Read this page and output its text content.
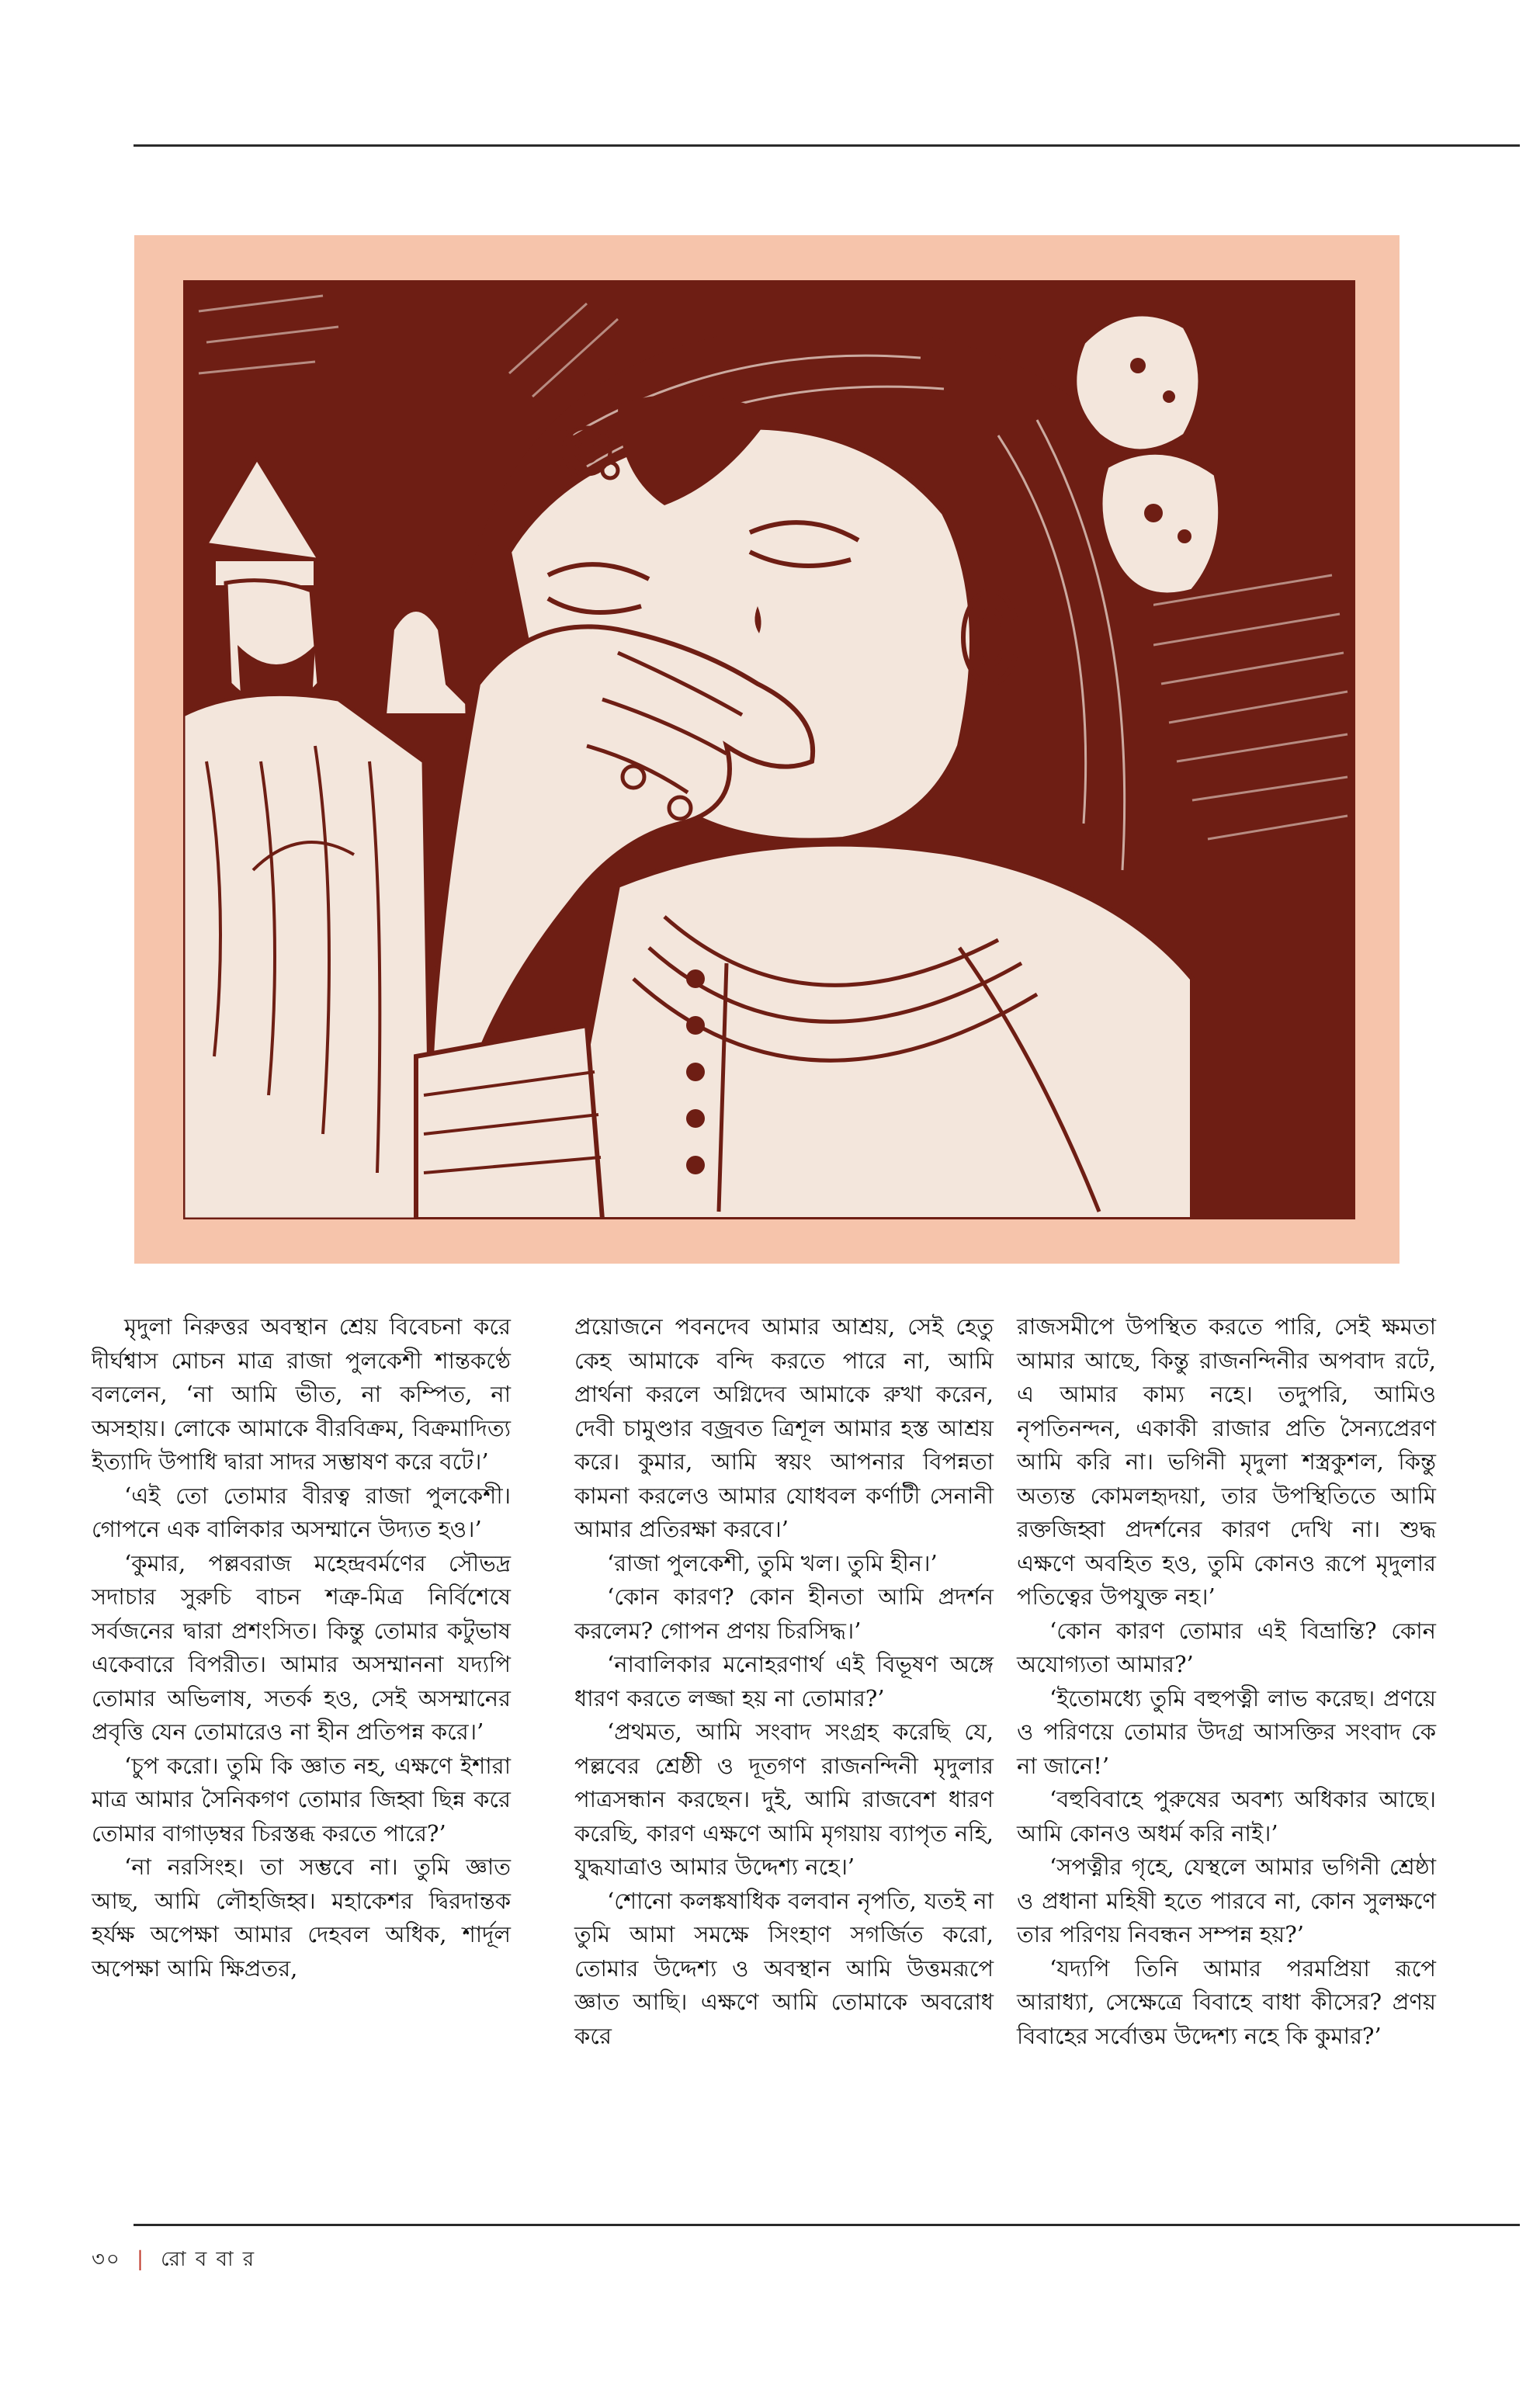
মৃদুলা নিরুত্তর অবস্থান শ্রেয় বিবেচনা করে দীর্ঘশ্বাস মোচন মাত্র রাজা পুলকেশী শান্তকণ্ঠে বললেন, ‘না আমি ভীত, না কম্পিত, না অসহায়। লোকে আমাকে বীরবিক্রম, বিক্রমাদিত্য ইত্যাদি উপাধি দ্বারা সাদর সম্ভাষণ করে বটে।’

‘এই তো তোমার বীরত্ব রাজা পুলকেশী। গোপনে এক বালিকার অসম্মানে উদ্যত হও।’

‘কুমার, পল্লবরাজ মহেন্দ্রবর্মণের সৌভদ্র সদাচার সুরুচি বাচন শত্রু-মিত্র নির্বিশেষে সর্বজনের দ্বারা প্রশংসিত। কিন্তু তোমার কটুভাষ একেবারে বিপরীত। আমার অসম্মাননা যদ্যপি তোমার অভিলাষ, সতর্ক হও, সেই অসম্মানের প্রবৃত্তি যেন তোমারেও না হীন প্রতিপন্ন করে।’

‘চুপ করো। তুমি কি জ্ঞাত নহ, এক্ষণে ইশারা মাত্র আমার সৈনিকগণ তোমার জিহ্বা ছিন্ন করে তোমার বাগাড়ম্বর চিরস্তব্ধ করতে পারে?’

‘না নরসিংহ। তা সম্ভবে না। তুমি জ্ঞাত আছ, আমি লৌহজিহ্ব। মহাকেশর দ্বিরদান্তক হর্যক্ষ অপেক্ষা আমার দেহবল অধিক, শার্দূল অপেক্ষা আমি ক্ষিপ্রতর,

প্রয়োজনে পবনদেব আমার আশ্রয়, সেই হেতু কেহ আমাকে বন্দি করতে পারে না, আমি প্রার্থনা করলে অগ্নিদেব আমাকে রুখা করেন, দেবী চামুণ্ডার বজ্রবত ত্রিশূল আমার হস্ত আশ্রয় করে। কুমার, আমি স্বয়ং আপনার বিপন্নতা কামনা করলেও আমার যোধবল কর্ণাটী সেনানী আমার প্রতিরক্ষা করবে।’

‘রাজা পুলকেশী, তুমি খল। তুমি হীন।’

‘কোন কারণ? কোন হীনতা আমি প্রদর্শন করলেম? গোপন প্রণয় চিরসিদ্ধ।’

‘নাবালিকার মনোহরণার্থ এই বিভূষণ অঙ্গে ধারণ করতে লজ্জা হয় না তোমার?’

‘প্রথমত, আমি সংবাদ সংগ্রহ করেছি যে, পল্লবের শ্রেষ্ঠী ও দূতগণ রাজনন্দিনী মৃদুলার পাত্রসন্ধান করছেন। দুই, আমি রাজবেশ ধারণ করেছি, কারণ এক্ষণে আমি মৃগয়ায় ব্যাপৃত নহি, যুদ্ধযাত্রাও আমার উদ্দেশ্য নহে।’

‘শোনো কলঙ্কষাধিক বলবান নৃপতি, যতই না তুমি আমা সমক্ষে সিংহাণ সগর্জিত করো, তোমার উদ্দেশ্য ও অবস্থান আমি উত্তমরূপে জ্ঞাত আছি। এক্ষণে আমি তোমাকে অবরোধ করে

রাজসমীপে উপস্থিত করতে পারি, সেই ক্ষমতা আমার আছে, কিন্তু রাজনন্দিনীর অপবাদ রটে, এ আমার কাম্য নহে। তদুপরি, আমিও নৃপতিনন্দন, একাকী রাজার প্রতি সৈন্যপ্রেরণ আমি করি না। ভগিনী মৃদুলা শস্ত্রকুশল, কিন্তু অত্যন্ত কোমলহৃদয়া, তার উপস্থিতিতে আমি রক্তজিহ্বা প্রদর্শনের কারণ দেখি না। শুদ্ধ এক্ষণে অবহিত হও, তুমি কোনও রূপে মৃদুলার পতিত্বের উপযুক্ত নহ।’

‘কোন কারণ তোমার এই বিভ্রান্তি? কোন অযোগ্যতা আমার?’

‘ইতোমধ্যে তুমি বহুপত্নী লাভ করেছ। প্রণয়ে ও পরিণয়ে তোমার উদগ্র আসক্তির সংবাদ কে না জানে!’

‘বহুবিবাহে পুরুষের অবশ্য অধিকার আছে। আমি কোনও অধর্ম করি নাই।’

‘সপত্নীর গৃহে, যেস্থলে আমার ভগিনী শ্রেষ্ঠা ও প্রধানা মহিষী হতে পারবে না, কোন সুলক্ষণে তার পরিণয় নিবন্ধন সম্পন্ন হয়?’

‘যদ্যপি তিনি আমার পরমপ্রিয়া রূপে আরাধ্যা, সেক্ষেত্রে বিবাহে বাধা কীসের? প্রণয় বিবাহের সর্বোত্তম উদ্দেশ্য নহে কি কুমার?’

৩০ | রো ব বা র
